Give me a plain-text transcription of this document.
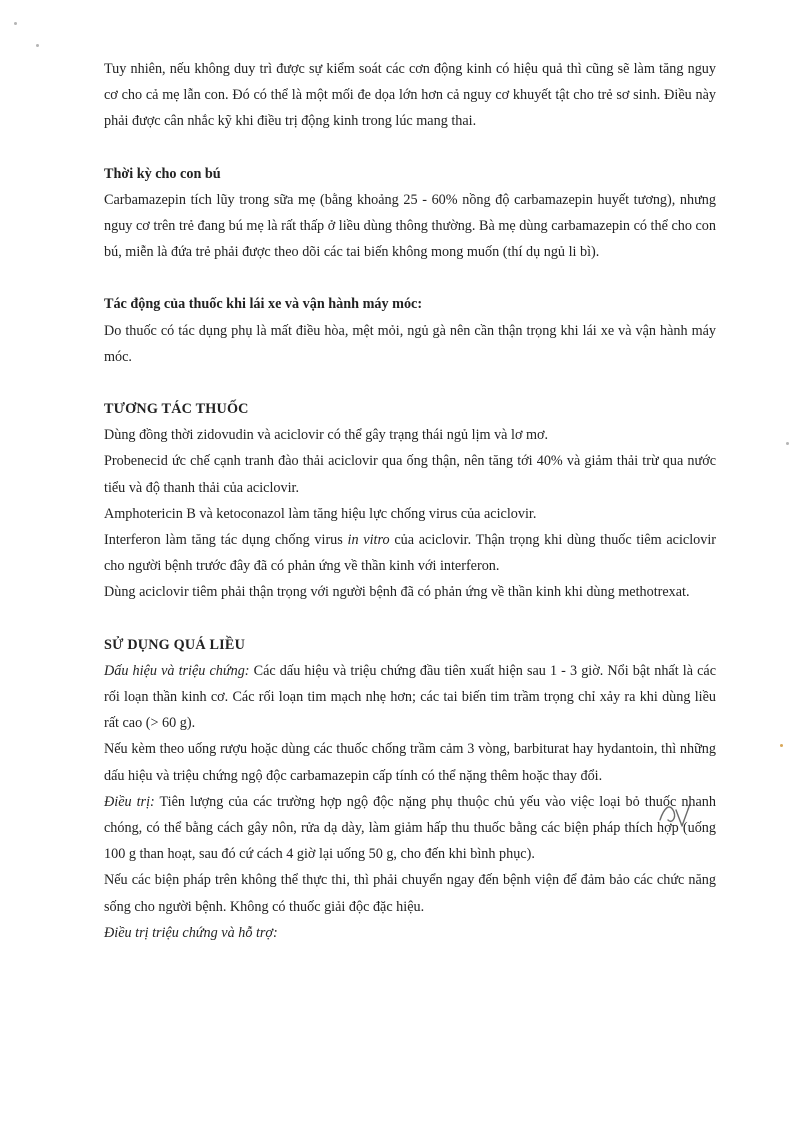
Tuy nhiên, nếu không duy trì được sự kiểm soát các cơn động kinh có hiệu quả thì cũng sẽ làm tăng nguy cơ cho cả mẹ lẫn con. Đó có thể là một mối đe dọa lớn hơn cả nguy cơ khuyết tật cho trẻ sơ sinh. Điều này phải được cân nhắc kỹ khi điều trị động kinh trong lúc mang thai.

Thời kỳ cho con bú

Carbamazepin tích lũy trong sữa mẹ (bằng khoảng 25 - 60% nồng độ carbamazepin huyết tương), nhưng nguy cơ trên trẻ đang bú mẹ là rất thấp ở liều dùng thông thường. Bà mẹ dùng carbamazepin có thể cho con bú, miễn là đứa trẻ phải được theo dõi các tai biến không mong muốn (thí dụ ngủ li bì).

Tác động của thuốc khi lái xe và vận hành máy móc:

Do thuốc có tác dụng phụ là mất điều hòa, mệt mỏi, ngủ gà nên cần thận trọng khi lái xe và vận hành máy móc.

TƯƠNG TÁC THUỐC

Dùng đồng thời zidovudin và aciclovir có thể gây trạng thái ngủ lịm và lơ mơ.

Probenecid ức chế cạnh tranh đào thải aciclovir qua ống thận, nên tăng tới 40% và giảm thải trừ qua nước tiểu và độ thanh thải của aciclovir.

Amphotericin B và ketoconazol làm tăng hiệu lực chống virus của aciclovir.

Interferon làm tăng tác dụng chống virus in vitro của aciclovir. Thận trọng khi dùng thuốc tiêm aciclovir cho người bệnh trước đây đã có phản ứng về thần kinh với interferon.

Dùng aciclovir tiêm phải thận trọng với người bệnh đã có phản ứng về thần kinh khi dùng methotrexat.

SỬ DỤNG QUÁ LIỀU

Dấu hiệu và triệu chứng: Các dấu hiệu và triệu chứng đầu tiên xuất hiện sau 1 - 3 giờ. Nổi bật nhất là các rối loạn thần kinh cơ. Các rối loạn tim mạch nhẹ hơn; các tai biến tim trầm trọng chỉ xảy ra khi dùng liều rất cao (> 60 g).

Nếu kèm theo uống rượu hoặc dùng các thuốc chống trầm cảm 3 vòng, barbiturat hay hydantoin, thì những dấu hiệu và triệu chứng ngộ độc carbamazepin cấp tính có thể nặng thêm hoặc thay đổi.

Điều trị: Tiên lượng của các trường hợp ngộ độc nặng phụ thuộc chủ yếu vào việc loại bỏ thuốc nhanh chóng, có thể bằng cách gây nôn, rửa dạ dày, làm giảm hấp thu thuốc bằng các biện pháp thích hợp (uống 100 g than hoạt, sau đó cứ cách 4 giờ lại uống 50 g, cho đến khi bình phục).

Nếu các biện pháp trên không thể thực thi, thì phải chuyển ngay đến bệnh viện để đảm bảo các chức năng sống cho người bệnh. Không có thuốc giải độc đặc hiệu.

Điều trị triệu chứng và hỗ trợ:
